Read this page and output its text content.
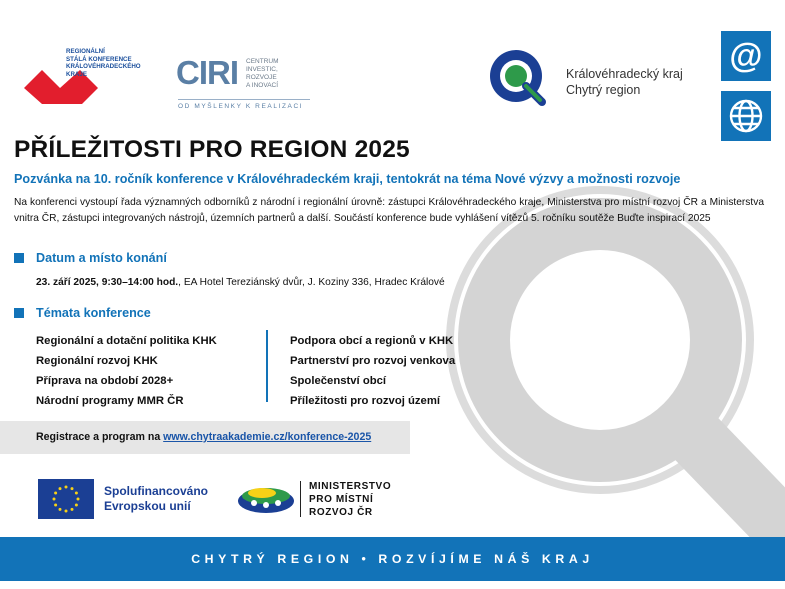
REGIONÁLNÍ
STÁLÁ KONFERENCE
KRÁLOVÉHRADECKÉHO
KRAJE	CIRI CENTRUM
INVESTIC, ROZVOJE
A INOVACÍ
OD MYŠLENKY K REALIZACI
Královéhradecký kraj
Chytrý region
@
PŘÍLEŽITOSTI PRO REGION 2025
Pozvánka na 10. ročník konference v Královéhradeckém kraji, tentokrát na téma Nové výzvy a možnosti rozvoje

Na konferenci vystoupí řada významných odborníků z národní i regionální úrovně: zástupci Královéhradeckého kraje, Ministerstva pro místní rozvoj ČR a Ministerstva vnitra ČR, zástupci integrovaných nástrojů, územních partnerů a další. Součástí konference bude vyhlášení vítězů 5. ročníku soutěže Buďte inspirací 2025

Datum a místo konání
23. září 2025, 9:30–14:00 hod., EA Hotel Tereziánský dvůr, J. Koziny 336, Hradec Králové
Témata konference
Regionální a dotační politika KHK
Regionální rozvoj KHK
Příprava na období 2028+
Národní programy MMR ČR
Podpora obcí a regionů v KHK
Partnerství pro rozvoj venkova
Společenství obcí
Příležitosti pro rozvoj území
Registrace a program na www.chytraakademie.cz/konference-2025
Spolufinancováno
Evropskou unií
MINISTERSTVO
PRO MÍSTNÍ
ROZVOJ ČR
CHYTRÝ REGION • ROZVÍJÍME NÁŠ KRAJ
